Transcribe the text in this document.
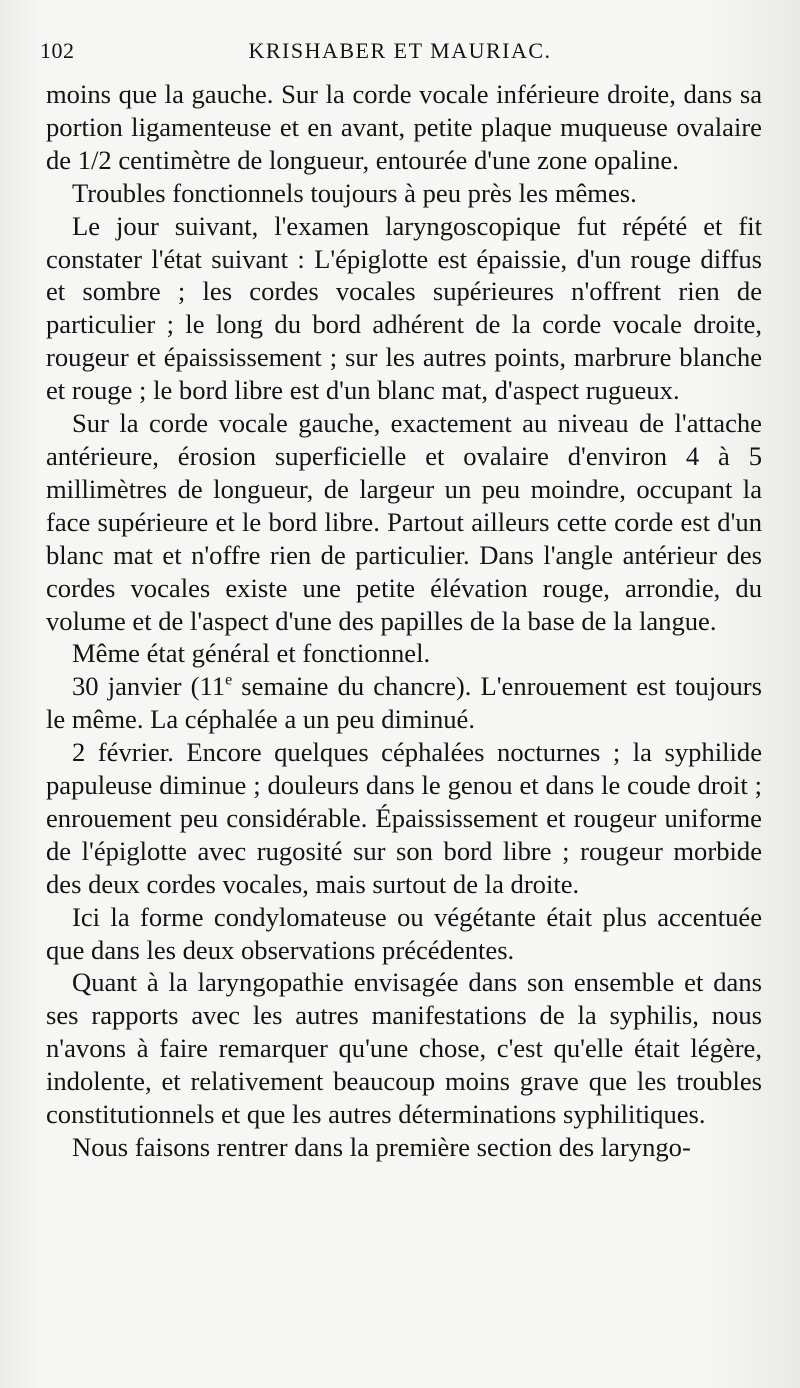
102	KRISHABER ET MAURIAC.

moins que la gauche. Sur la corde vocale inférieure droite, dans sa portion ligamenteuse et en avant, petite plaque muqueuse ovalaire de 1/2 centimètre de longueur, entourée d'une zone opaline.

Troubles fonctionnels toujours à peu près les mêmes.

Le jour suivant, l'examen laryngoscopique fut répété et fit constater l'état suivant : L'épiglotte est épaissie, d'un rouge diffus et sombre ; les cordes vocales supérieures n'offrent rien de particulier ; le long du bord adhérent de la corde vocale droite, rougeur et épaississement ; sur les autres points, marbrure blanche et rouge ; le bord libre est d'un blanc mat, d'aspect rugueux.

Sur la corde vocale gauche, exactement au niveau de l'attache antérieure, érosion superficielle et ovalaire d'environ 4 à 5 millimètres de longueur, de largeur un peu moindre, occupant la face supérieure et le bord libre. Partout ailleurs cette corde est d'un blanc mat et n'offre rien de particulier. Dans l'angle antérieur des cordes vocales existe une petite élévation rouge, arrondie, du volume et de l'aspect d'une des papilles de la base de la langue.

Même état général et fonctionnel.

30 janvier (11e semaine du chancre). L'enrouement est toujours le même. La céphalée a un peu diminué.

2 février. Encore quelques céphalées nocturnes ; la syphilide papuleuse diminue ; douleurs dans le genou et dans le coude droit ; enrouement peu considérable. Épaississement et rougeur uniforme de l'épiglotte avec rugosité sur son bord libre ; rougeur morbide des deux cordes vocales, mais surtout de la droite.

Ici la forme condylomateuse ou végétante était plus accentuée que dans les deux observations précédentes.

Quant à la laryngopathie envisagée dans son ensemble et dans ses rapports avec les autres manifestations de la syphilis, nous n'avons à faire remarquer qu'une chose, c'est qu'elle était légère, indolente, et relativement beaucoup moins grave que les troubles constitutionnels et que les autres déterminations syphilitiques.

Nous faisons rentrer dans la première section des laryngo-
